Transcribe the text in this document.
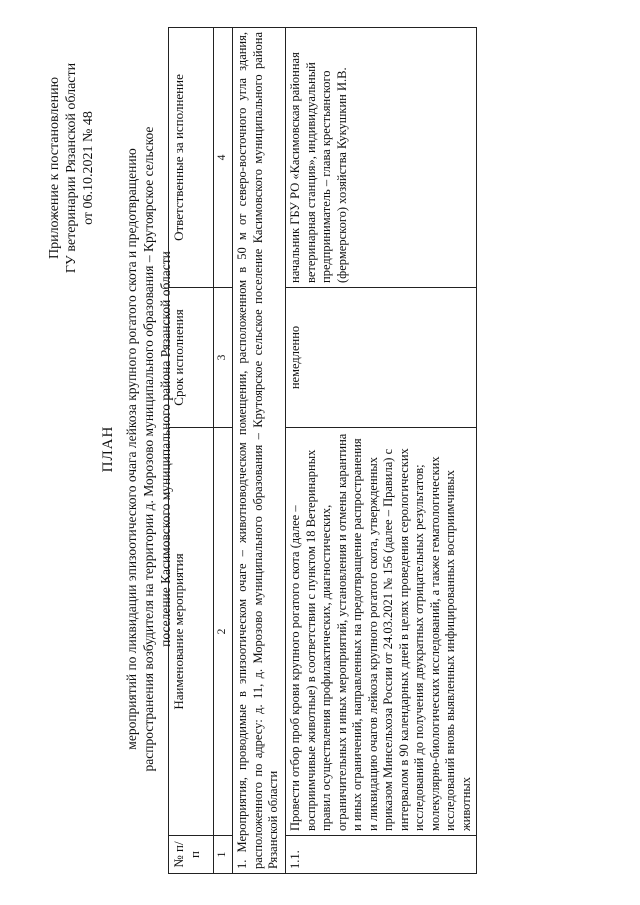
Приложение к постановлению ГУ ветеринарии Рязанской области от 06.10.2021 № 48
ПЛАН мероприятий по ликвидации эпизоотического очага лейкоза крупного рогатого скота и предотвращению распространения возбудителя на территории д. Морозово муниципального образования – Крутоярское сельское поселение Касимовского муниципального района Рязанской области
№ п/п	Наименование мероприятия	Срок исполнения	Ответственные за исполнение
1	2	3	4
1. Мероприятия, проводимые в эпизоотическом очаге – животноводческом помещении, расположенном в 50 м от северо-восточного угла здания, расположенного по адресу: д. 11, д. Морозово муниципального образования – Крутоярское сельское поселение Касимовского муниципального района Рязанской области			
1.1.	Провести отбор проб крови крупного рогатого скота (далее – восприимчивые животные) в соответствии с пунктом 18 Ветеринарных правил осуществления профилактических, диагностических, ограничительных и иных мероприятий, установления и отмены карантина и иных ограничений, направленных на предотвращение распространения и ликвидацию очагов лейкоза крупного рогатого скота, утвержденных приказом Минсельхоза России от 24.03.2021 № 156 (далее – Правила) с интервалом в 90 календарных дней в целях проведения серологических исследований до получения двукратных отрицательных результатов; молекулярно-биологических исследований, а также гематологических исследований вновь выявленных инфицированных восприимчивых животных	немедленно	начальник ГБУ РО «Касимовская районная ветеринарная станция», индивидуальный предприниматель – глава крестьянского (фермерского) хозяйства Кукушкин И.В.
